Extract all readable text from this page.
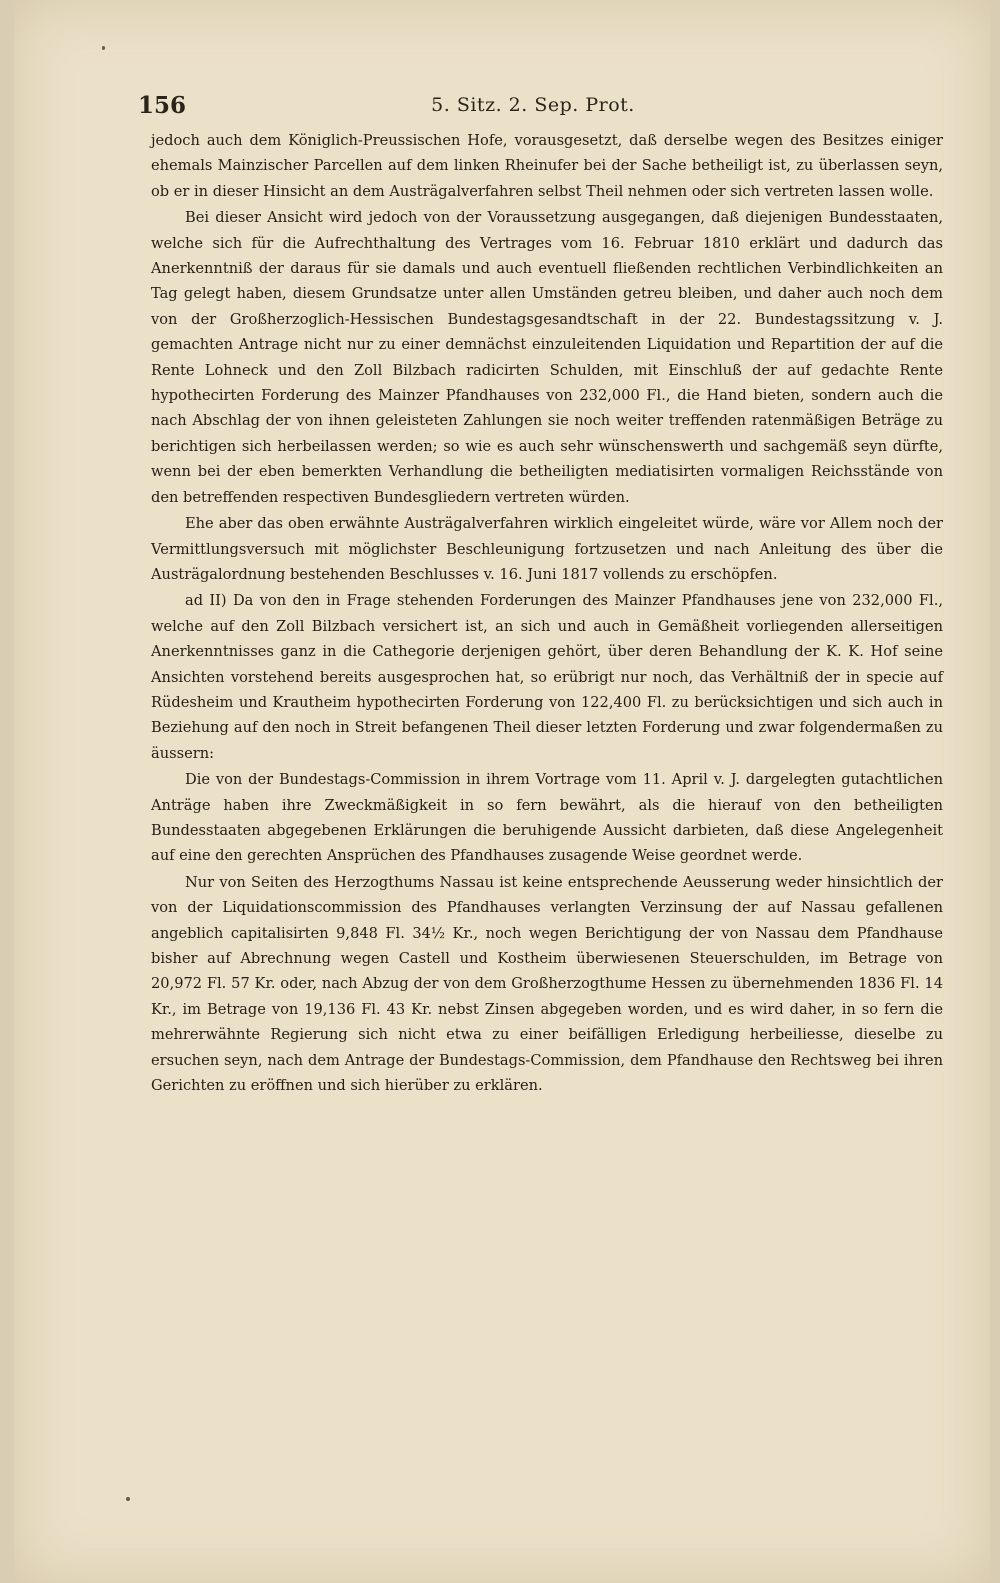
156	5. Sitz. 2. Sep. Prot.

jedoch auch dem Königlich-Preussischen Hofe, vorausgesetzt, daß derselbe wegen des Besitzes einiger ehemals Mainzischer Parcellen auf dem linken Rheinufer bei der Sache betheiligt ist, zu überlassen seyn, ob er in dieser Hinsicht an dem Austrägalverfahren selbst Theil nehmen oder sich vertreten lassen wolle.

Bei dieser Ansicht wird jedoch von der Voraussetzung ausgegangen, daß diejenigen Bundesstaaten, welche sich für die Aufrechthaltung des Vertrages vom 16. Februar 1810 erklärt und dadurch das Anerkenntniß der daraus für sie damals und auch eventuell fließenden rechtlichen Verbindlichkeiten an Tag gelegt haben, diesem Grundsatze unter allen Umständen getreu bleiben, und daher auch noch dem von der Großherzoglich-Hessischen Bundestagsgesandtschaft in der 22. Bundestagssitzung v. J. gemachten Antrage nicht nur zu einer demnächst einzuleitenden Liquidation und Repartition der auf die Rente Lohneck und den Zoll Bilzbach radicirten Schulden, mit Einschluß der auf gedachte Rente hypothecirten Forderung des Mainzer Pfandhauses von 232,000 Fl., die Hand bieten, sondern auch die nach Abschlag der von ihnen geleisteten Zahlungen sie noch weiter treffenden ratenmäßigen Beträge zu berichtigen sich herbeilassen werden; so wie es auch sehr wünschenswerth und sachgemäß seyn dürfte, wenn bei der eben bemerkten Verhandlung die betheiligten mediatisirten vormaligen Reichsstände von den betreffenden respectiven Bundesgliedern vertreten würden.

Ehe aber das oben erwähnte Austrägalverfahren wirklich eingeleitet würde, wäre vor Allem noch der Vermittlungsversuch mit möglichster Beschleunigung fortzusetzen und nach Anleitung des über die Austrägalordnung bestehenden Beschlusses v. 16. Juni 1817 vollends zu erschöpfen.

ad II) Da von den in Frage stehenden Forderungen des Mainzer Pfandhauses jene von 232,000 Fl., welche auf den Zoll Bilzbach versichert ist, an sich und auch in Gemäßheit vorliegenden allerseitigen Anerkenntnisses ganz in die Cathegorie derjenigen gehört, über deren Behandlung der K. K. Hof seine Ansichten vorstehend bereits ausgesprochen hat, so erübrigt nur noch, das Verhältniß der in specie auf Rüdesheim und Krautheim hypothecirten Forderung von 122,400 Fl. zu berücksichtigen und sich auch in Beziehung auf den noch in Streit befangenen Theil dieser letzten Forderung und zwar folgendermaßen zu äussern:

Die von der Bundestags-Commission in ihrem Vortrage vom 11. April v. J. dargelegten gutachtlichen Anträge haben ihre Zweckmäßigkeit in so fern bewährt, als die hierauf von den betheiligten Bundesstaaten abgegebenen Erklärungen die beruhigende Aussicht darbieten, daß diese Angelegenheit auf eine den gerechten Ansprüchen des Pfandhauses zusagende Weise geordnet werde.

Nur von Seiten des Herzogthums Nassau ist keine entsprechende Aeusserung weder hinsichtlich der von der Liquidationscommission des Pfandhauses verlangten Verzinsung der auf Nassau gefallenen angeblich capitalisirten 9,848 Fl. 34½ Kr., noch wegen Berichtigung der von Nassau dem Pfandhause bisher auf Abrechnung wegen Castell und Kostheim überwiesenen Steuerschulden, im Betrage von 20,972 Fl. 57 Kr. oder, nach Abzug der von dem Großherzogthume Hessen zu übernehmenden 1836 Fl. 14 Kr., im Betrage von 19,136 Fl. 43 Kr. nebst Zinsen abgegeben worden, und es wird daher, in so fern die mehrerwähnte Regierung sich nicht etwa zu einer beifälligen Erledigung herbeiliesse, dieselbe zu ersuchen seyn, nach dem Antrage der Bundestags-Commission, dem Pfandhause den Rechtsweg bei ihren Gerichten zu eröffnen und sich hierüber zu erklären.
